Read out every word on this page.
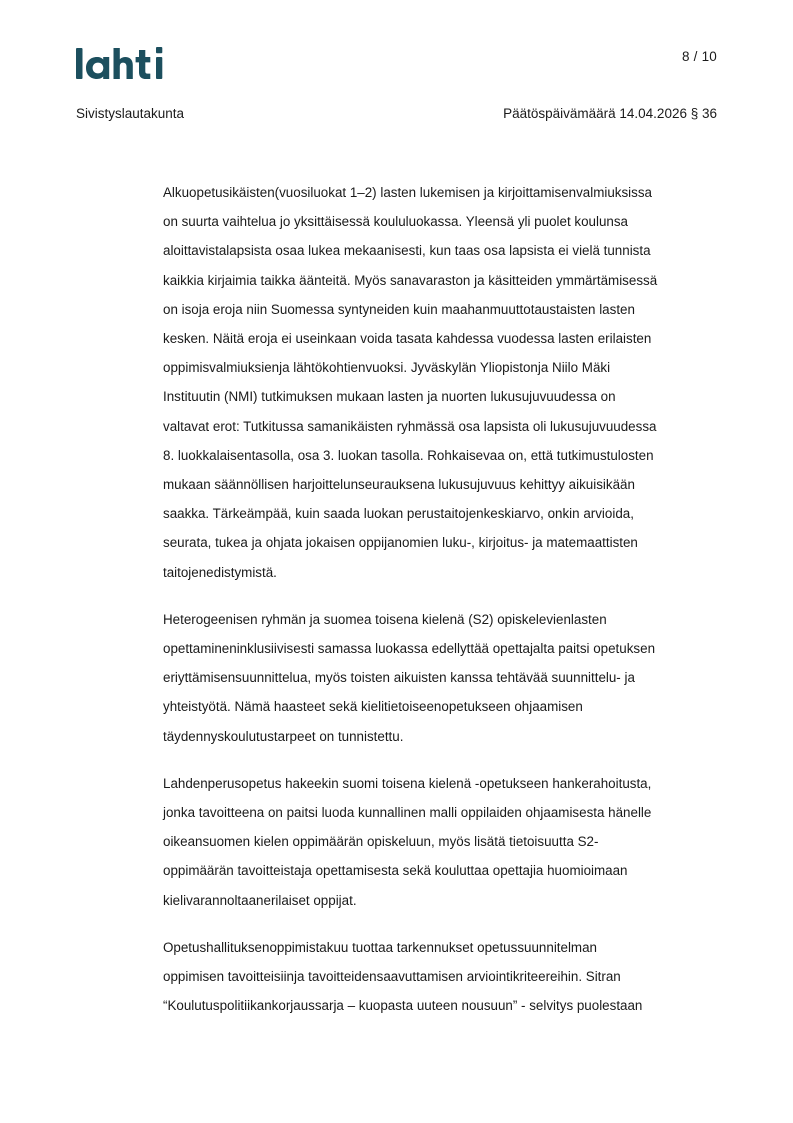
8 / 10
Sivistyslautakunta	Päätöspäivämäärä 14.04.2026 § 36

Alkuopetusikäisten(vuosiluokat 1–2) lasten lukemisen ja kirjoittamisenvalmiuksissa
on suurta vaihtelua jo yksittäisessä koululuokassa. Yleensä yli puolet koulunsa
aloittavistalapsista osaa lukea mekaanisesti, kun taas osa lapsista ei vielä tunnista
kaikkia kirjaimia taikka äänteitä. Myös sanavaraston ja käsitteiden ymmärtämisessä
on isoja eroja niin Suomessa syntyneiden kuin maahanmuuttotaustaisten lasten
kesken. Näitä eroja ei useinkaan voida tasata kahdessa vuodessa lasten erilaisten
oppimisvalmiuksienja lähtökohtienvuoksi. Jyväskylän Yliopistonja Niilo Mäki
Instituutin (NMI) tutkimuksen mukaan lasten ja nuorten lukusujuvuudessa on
valtavat erot: Tutkitussa samanikäisten ryhmässä osa lapsista oli lukusujuvuudessa
8. luokkalaisentasolla, osa 3. luokan tasolla. Rohkaisevaa on, että tutkimustulosten
mukaan säännöllisen harjoittelunseurauksena lukusujuvuus kehittyy aikuisikään
saakka. Tärkeämpää, kuin saada luokan perustaitojenkeskiarvo, onkin arvioida,
seurata, tukea ja ohjata jokaisen oppijanomien luku-, kirjoitus- ja matemaattisten
taitojenedistymistä.

Heterogeenisen ryhmän ja suomea toisena kielenä (S2) opiskelevienlasten
opettamineninklusiivisesti samassa luokassa edellyttää opettajalta paitsi opetuksen
eriyttämisensuunnittelua, myös toisten aikuisten kanssa tehtävää suunnittelu- ja
yhteistyötä. Nämä haasteet sekä kielitietoiseenopetukseen ohjaamisen
täydennyskoulutustarpeet on tunnistettu.

Lahdenperusopetus hakeekin suomi toisena kielenä -opetukseen hankerahoitusta,
jonka tavoitteena on paitsi luoda kunnallinen malli oppilaiden ohjaamisesta hänelle
oikeansuomen kielen oppimäärän opiskeluun, myös lisätä tietoisuutta S2-
oppimäärän tavoitteistaja opettamisesta sekä kouluttaa opettajia huomioimaan
kielivarannoltaanerilaiset oppijat.

Opetushallituksenoppimistakuu tuottaa tarkennukset opetussuunnitelman
oppimisen tavoitteisiinja tavoitteidensaavuttamisen arviointikriteereihin. Sitran
“Koulutuspolitiikankorjaussarja – kuopasta uuteen nousuun” - selvitys puolestaan
